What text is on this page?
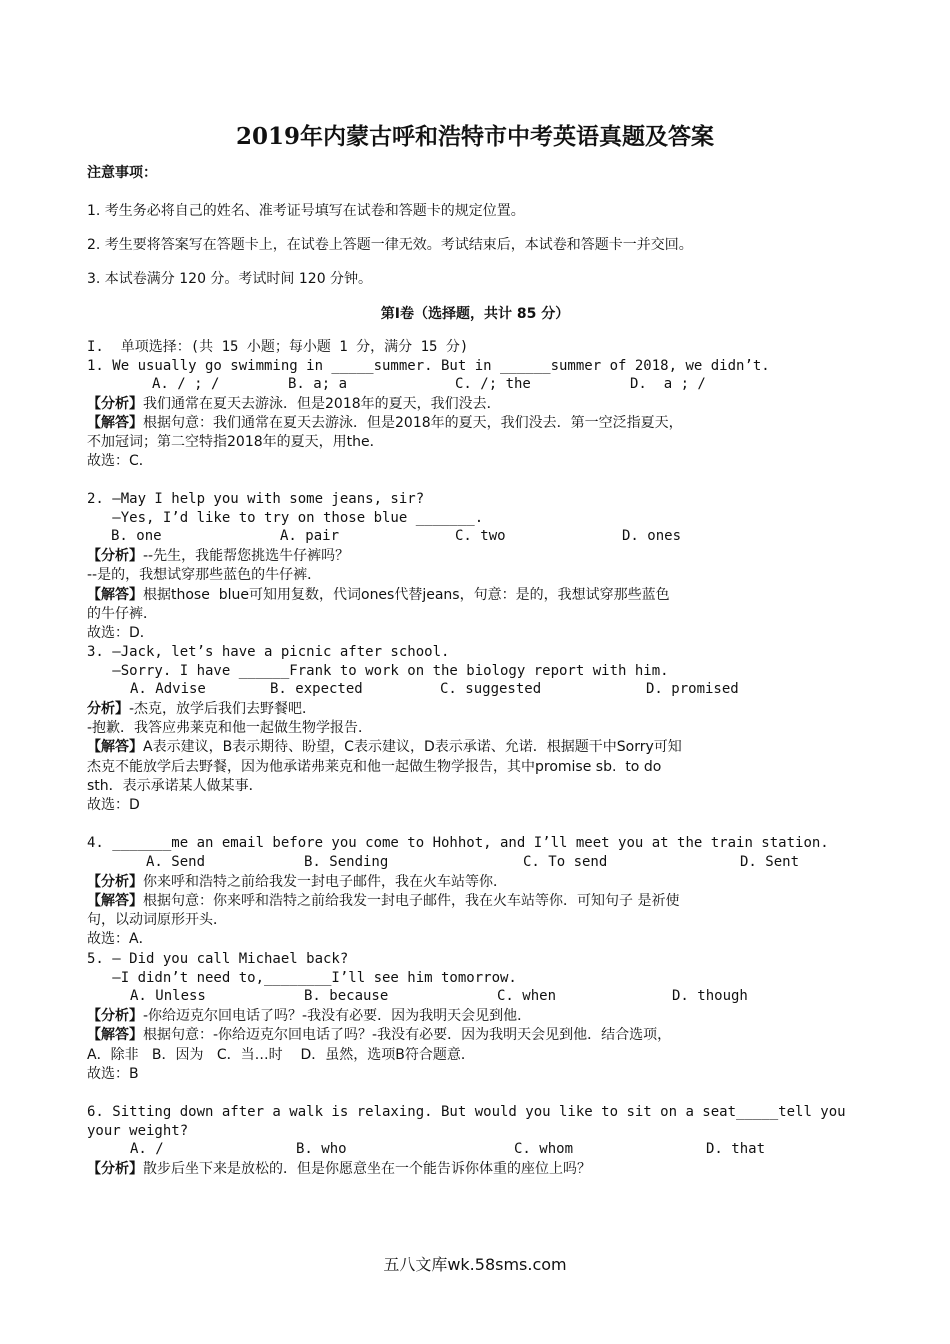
2019年内蒙古呼和浩特市中考英语真题及答案

注意事项：

1. 考生务必将自己的姓名、准考证号填写在试卷和答题卡的规定位置。

2. 考生要将答案写在答题卡上，在试卷上答题一律无效。考试结束后，本试卷和答题卡一并交回。

3. 本试卷满分 120 分。考试时间 120 分钟。

第Ⅰ卷（选择题，共计 85 分）

I.  单项选择：(共 15 小题；每小题 1 分，满分 15 分)

1. We usually go swimming in _____summer. But in ______summer of 2018, we didn’t.

A. / ; /	B. a; a	C. /; the	D.  a ; /

【分析】我们通常在夏天去游泳．但是2018年的夏天，我们没去．

【解答】根据句意：我们通常在夏天去游泳．但是2018年的夏天，我们没去．第一空泛指夏天，

不加冠词；第二空特指2018年的夏天，用the．

故选：C．

2. —May I help you with some jeans, sir?

—Yes, I’d like to try on those blue _______.

B. one	A. pair	C. two	D. ones

【分析】--先生，我能帮您挑选牛仔裤吗？

--是的，我想试穿那些蓝色的牛仔裤．

【解答】根据those  blue可知用复数，代词ones代替jeans，句意：是的，我想试穿那些蓝色

的牛仔裤．

故选：D．

3. —Jack, let’s have a picnic after school.

—Sorry. I have ______Frank to work on the biology report with him.

A. Advise	B. expected	C. suggested	D. promised

分析】-杰克，放学后我们去野餐吧．

-抱歉．我答应弗莱克和他一起做生物学报告．

【解答】A表示建议，B表示期待、盼望，C表示建议，D表示承诺、允诺．根据题干中Sorry可知

杰克不能放学后去野餐，因为他承诺弗莱克和他一起做生物学报告，其中promise sb.  to do

sth．表示承诺某人做某事．

故选：D

4. _______me an email before you come to Hohhot, and I’ll meet you at the train station.

A. Send	B. Sending	C. To send	D. Sent

【分析】你来呼和浩特之前给我发一封电子邮件，我在火车站等你．

【解答】根据句意：你来呼和浩特之前给我发一封电子邮件，我在火车站等你．可知句子 是祈使

句，以动词原形开头．

故选：A．

5. — Did you call Michael back?

—I didn’t need to,________I’ll see him tomorrow.

A. Unless	B. because	C. when	D. though

【分析】-你给迈克尔回电话了吗？-我没有必要．因为我明天会见到他．

【解答】根据句意：-你给迈克尔回电话了吗？-我没有必要．因为我明天会见到他．结合选项，

A．除非   B．因为   C．当…时    D．虽然，选项B符合题意．

故选：B

6. Sitting down after a walk is relaxing. But would you like to sit on a seat_____tell you

your weight?

A. /	B. who	C. whom	D. that

【分析】散步后坐下来是放松的．但是你愿意坐在一个能告诉你体重的座位上吗？

五八文库wk.58sms.com
